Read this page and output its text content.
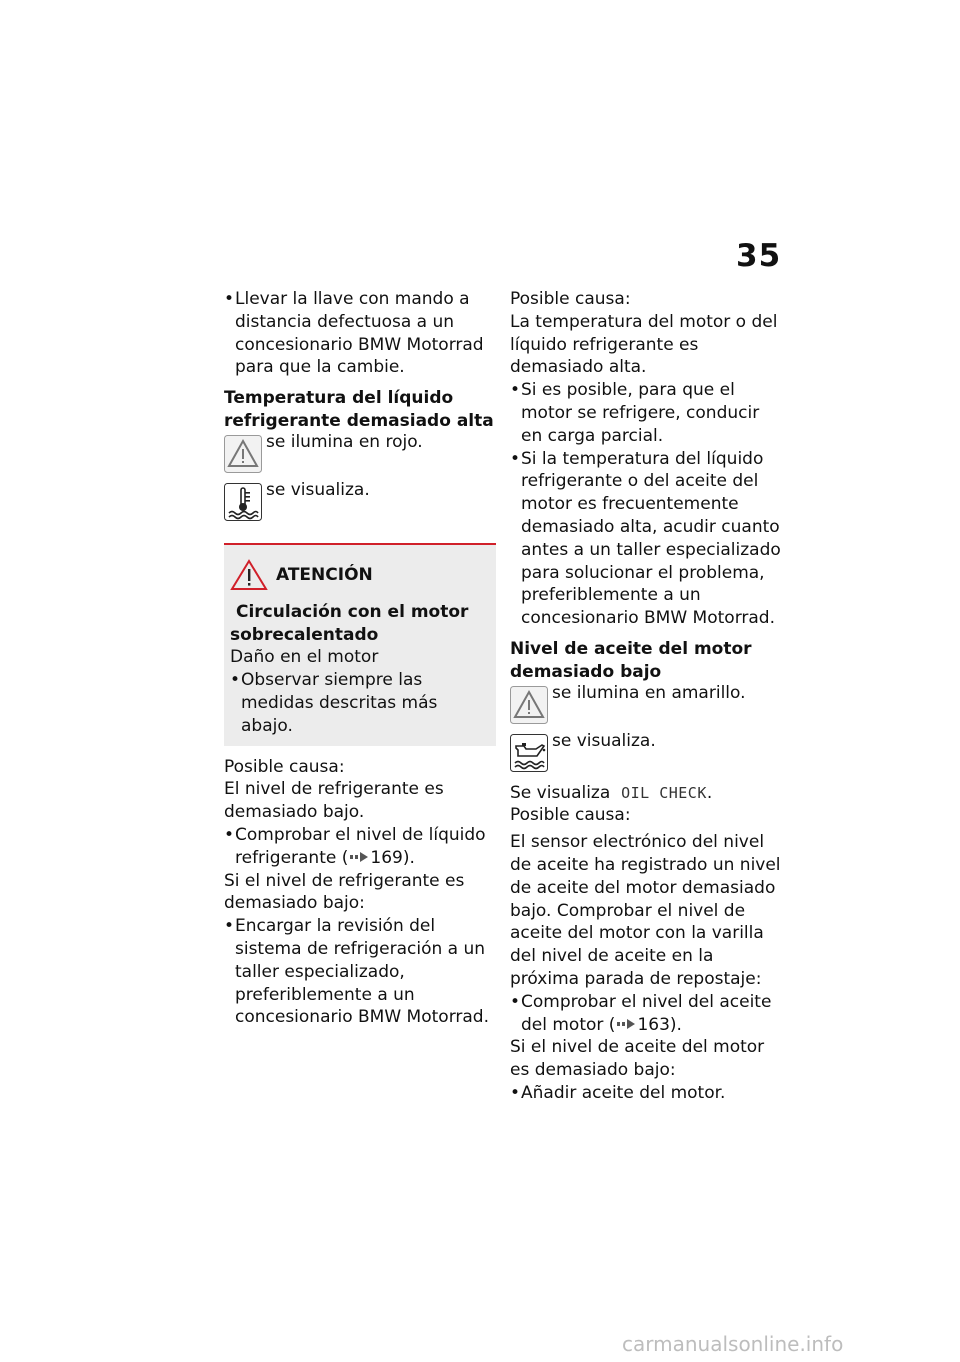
35

• Llevar la llave con mando a distancia defectuosa a un concesionario BMW Motorrad para que la cambie.

Temperatura del líquido refrigerante demasiado alta

se ilumina en rojo.
se visualiza.
ATENCIÓN
Circulación con el motor sobrecalentado

Daño en el motor

• Observar siempre las medidas descritas más abajo.

Posible causa:

El nivel de refrigerante es demasiado bajo.

• Comprobar el nivel de líquido refrigerante ( 169).

Si el nivel de refrigerante es demasiado bajo:

• Encargar la revisión del sistema de refrigeración a un taller especializado, preferiblemente a un concesionario BMW Motorrad.

Posible causa:

La temperatura del motor o del líquido refrigerante es demasiado alta.

• Si es posible, para que el motor se refrigere, conducir en carga parcial.

• Si la temperatura del líquido refrigerante o del aceite del motor es frecuentemente demasiado alta, acudir cuanto antes a un taller especializado para solucionar el problema, preferiblemente a un concesionario BMW Motorrad.

Nivel de aceite del motor demasiado bajo

se ilumina en amarillo.
se visualiza.

Se visualiza OIL CHECK.

Posible causa:

El sensor electrónico del nivel de aceite ha registrado un nivel de aceite del motor demasiado bajo. Comprobar el nivel de aceite del motor con la varilla del nivel de aceite en la próxima parada de repostaje:

• Comprobar el nivel del aceite del motor ( 163).

Si el nivel de aceite del motor es demasiado bajo:

• Añadir aceite del motor.

carmanualsonline.info
